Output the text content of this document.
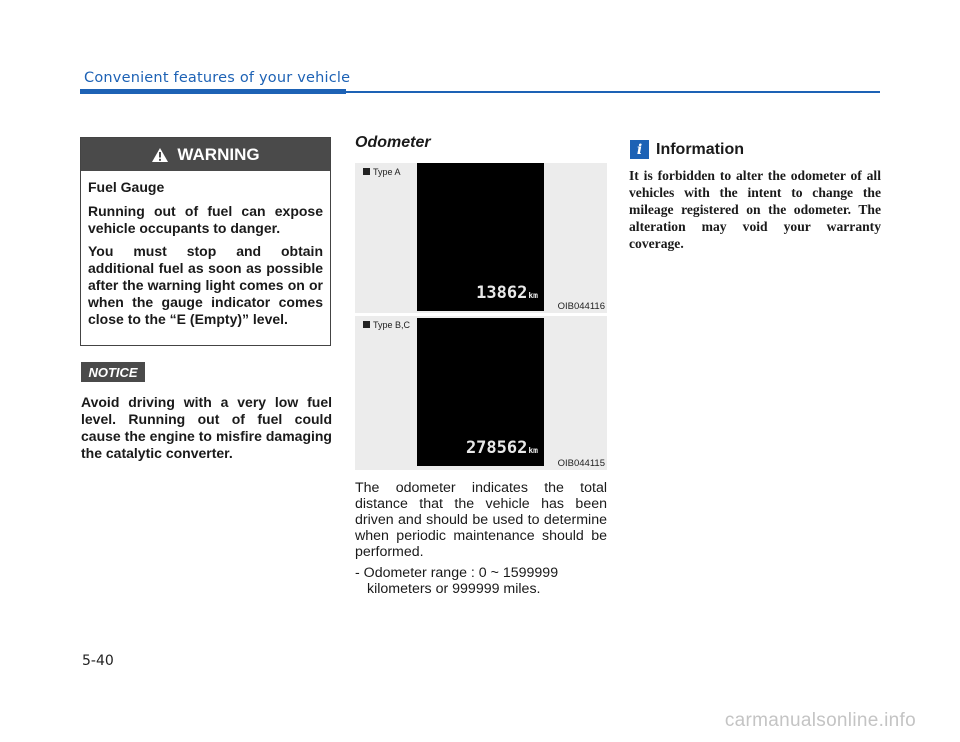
Convenient features of your vehicle
WARNING
Fuel Gauge

Running out of fuel can expose vehicle occupants to danger.

You must stop and obtain additional fuel as soon as possible after the warning light comes on or when the gauge indicator comes close to the “E (Empty)” level.

NOTICE
Avoid driving with a very low fuel level. Running out of fuel could cause the engine to misfire damaging the catalytic converter.
Odometer
Type A
13862km
OIB044116
Type B,C
278562km
OIB044115

The odometer indicates the total distance that the vehicle has been driven and should be used to determine when periodic maintenance should be performed.

- Odometer range : 0 ~ 1599999 kilometers or 999999 miles.

i Information
It is forbidden to alter the odometer of all vehicles with the intent to change the mileage registered on the odometer. The alteration may void your warranty coverage.
5-40
carmanualsonline.info
